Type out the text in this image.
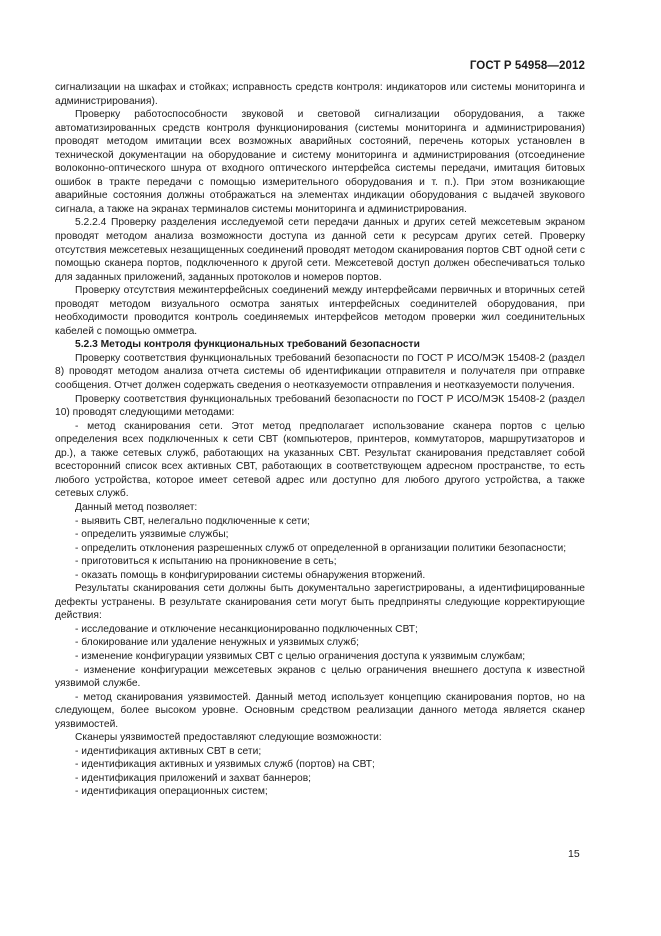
ГОСТ Р 54958—2012

сигнализации на шкафах и стойках; исправность средств контроля: индикаторов или системы мониторинга и администрирования).

Проверку работоспособности звуковой и световой сигнализации оборудования, а также автоматизированных средств контроля функционирования (системы мониторинга и администрирования) проводят методом имитации всех возможных аварийных состояний, перечень которых установлен в технической документации на оборудование и систему мониторинга и администрирования (отсоединение волоконно-оптического шнура от входного оптического интерфейса системы передачи, имитация битовых ошибок в тракте передачи с помощью измерительного оборудования и т. п.). При этом возникающие аварийные состояния должны отображаться на элементах индикации оборудования с выдачей звукового сигнала, а также на экранах терминалов системы мониторинга и администрирования.

5.2.2.4 Проверку разделения исследуемой сети передачи данных и других сетей межсетевым экраном проводят методом анализа возможности доступа из данной сети к ресурсам других сетей. Проверку отсутствия межсетевых незащищенных соединений проводят методом сканирования портов СВТ одной сети с помощью сканера портов, подключенного к другой сети. Межсетевой доступ должен обеспечиваться только для заданных приложений, заданных протоколов и номеров портов.

Проверку отсутствия межинтерфейсных соединений между интерфейсами первичных и вторичных сетей проводят методом визуального осмотра занятых интерфейсных соединителей оборудования, при необходимости проводится контроль соединяемых интерфейсов методом проверки жил соединительных кабелей с помощью омметра.

5.2.3 Методы контроля функциональных требований безопасности

Проверку соответствия функциональных требований безопасности по ГОСТ Р ИСО/МЭК 15408-2 (раздел 8) проводят методом анализа отчета системы об идентификации отправителя и получателя при отправке сообщения. Отчет должен содержать сведения о неотказуемости отправления и неотказуемости получения.

Проверку соответствия функциональных требований безопасности по ГОСТ Р ИСО/МЭК 15408-2 (раздел 10) проводят следующими методами:

- метод сканирования сети. Этот метод предполагает использование сканера портов с целью определения всех подключенных к сети СВТ (компьютеров, принтеров, коммутаторов, маршрутизаторов и др.), а также сетевых служб, работающих на указанных СВТ. Результат сканирования представляет собой всесторонний список всех активных СВТ, работающих в соответствующем адресном пространстве, то есть любого устройства, которое имеет сетевой адрес или доступно для любого другого устройства, а также сетевых служб.

Данный метод позволяет:

- выявить СВТ, нелегально подключенные к сети;

- определить уязвимые службы;

- определить отклонения разрешенных служб от определенной в организации политики безопасности;

- приготовиться к испытанию на проникновение в сеть;

- оказать помощь в конфигурировании системы обнаружения вторжений.

Результаты сканирования сети должны быть документально зарегистрированы, а идентифицированные дефекты устранены. В результате сканирования сети могут быть предприняты следующие корректирующие действия:

- исследование и отключение несанкционированно подключенных СВТ;

- блокирование или удаление ненужных и уязвимых служб;

- изменение конфигурации уязвимых СВТ с целью ограничения доступа к уязвимым службам;

- изменение конфигурации межсетевых экранов с целью ограничения внешнего доступа к известной уязвимой службе.

- метод сканирования уязвимостей. Данный метод использует концепцию сканирования портов, но на следующем, более высоком уровне. Основным средством реализации данного метода является сканер уязвимостей.

Сканеры уязвимостей предоставляют следующие возможности:

- идентификация активных СВТ в сети;

- идентификация активных и уязвимых служб (портов) на СВТ;

- идентификация приложений и захват баннеров;

- идентификация операционных систем;

15
